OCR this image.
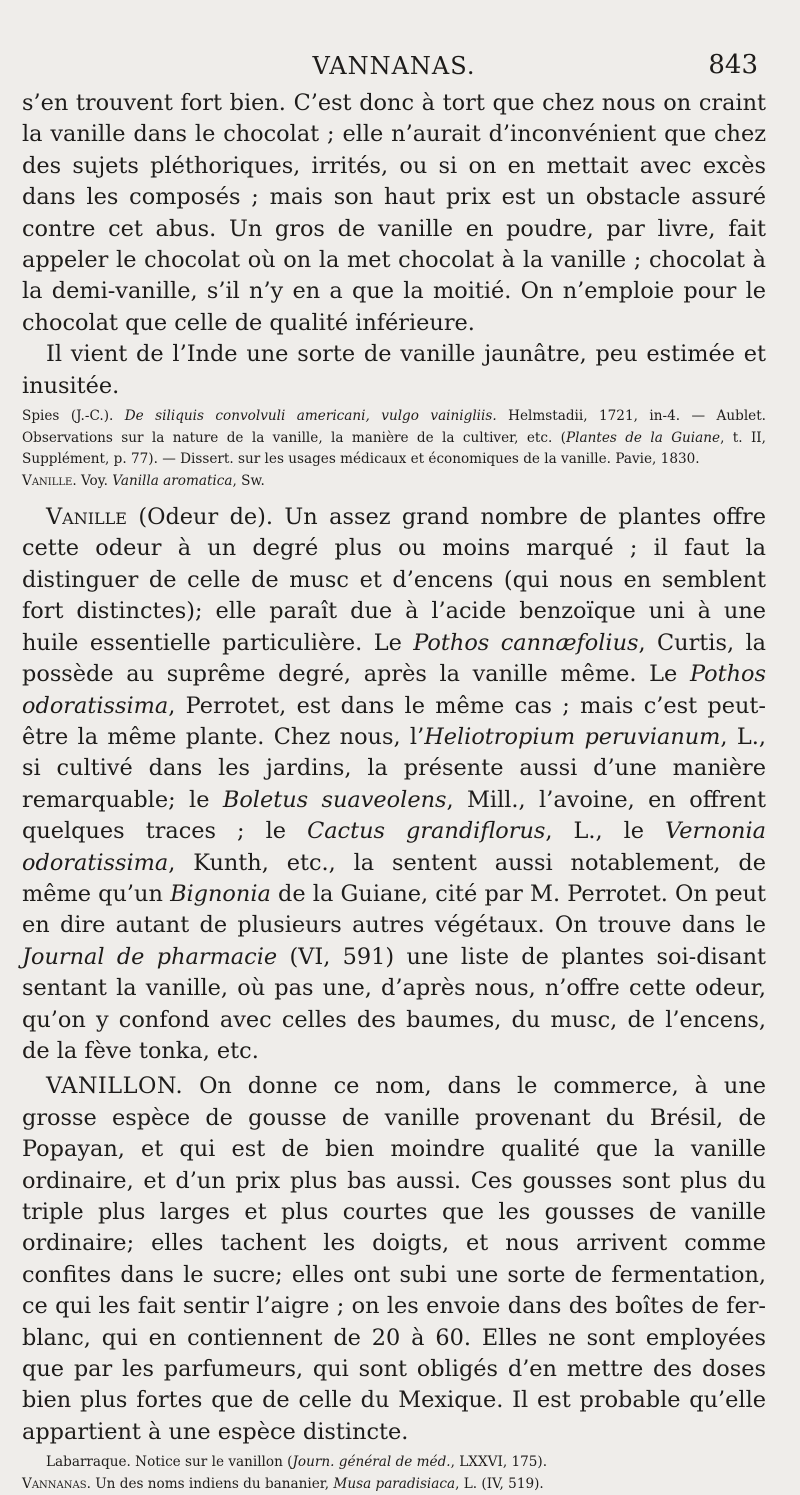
VANNANAS.	843

s’en trouvent fort bien. C’est donc à tort que chez nous on craint la vanille dans le chocolat ; elle n’aurait d’inconvénient que chez des sujets pléthoriques, irrités, ou si on en mettait avec excès dans les composés ; mais son haut prix est un obstacle assuré contre cet abus. Un gros de vanille en poudre, par livre, fait appeler le chocolat où on la met chocolat à la vanille ; chocolat à la demi-vanille, s’il n’y en a que la moitié. On n’emploie pour le chocolat que celle de qualité inférieure.

Il vient de l’Inde une sorte de vanille jaunâtre, peu estimée et inusitée.

Spies (J.-C.). De siliquis convolvuli americani, vulgo vainigliis. Helmstadii, 1721, in-4. — Aublet. Observations sur la nature de la vanille, la manière de la cultiver, etc. (Plantes de la Guiane, t. II, Supplément, p. 77). — Dissert. sur les usages médicaux et économiques de la vanille. Pavie, 1830.

Vanille. Voy. Vanilla aromatica, Sw.

Vanille (Odeur de). Un assez grand nombre de plantes offre cette odeur à un degré plus ou moins marqué ; il faut la distinguer de celle de musc et d’encens (qui nous en semblent fort distinctes); elle paraît due à l’acide benzoïque uni à une huile essentielle particulière. Le Pothos cannæfolius, Curtis, la possède au suprême degré, après la vanille même. Le Pothos odoratissima, Perrotet, est dans le même cas ; mais c’est peut-être la même plante. Chez nous, l’Heliotropium peruvianum, L., si cultivé dans les jardins, la présente aussi d’une manière remarquable; le Boletus suaveolens, Mill., l’avoine, en offrent quelques traces ; le Cactus grandiflorus, L., le Vernonia odoratissima, Kunth, etc., la sentent aussi notablement, de même qu’un Bignonia de la Guiane, cité par M. Perrotet. On peut en dire autant de plusieurs autres végétaux. On trouve dans le Journal de pharmacie (VI, 591) une liste de plantes soi-disant sentant la vanille, où pas une, d’après nous, n’offre cette odeur, qu’on y confond avec celles des baumes, du musc, de l’encens, de la fève tonka, etc.

VANILLON. On donne ce nom, dans le commerce, à une grosse espèce de gousse de vanille provenant du Brésil, de Popayan, et qui est de bien moindre qualité que la vanille ordinaire, et d’un prix plus bas aussi. Ces gousses sont plus du triple plus larges et plus courtes que les gousses de vanille ordinaire; elles tachent les doigts, et nous arrivent comme confites dans le sucre; elles ont subi une sorte de fermentation, ce qui les fait sentir l’aigre ; on les envoie dans des boîtes de fer-blanc, qui en contiennent de 20 à 60. Elles ne sont employées que par les parfumeurs, qui sont obligés d’en mettre des doses bien plus fortes que de celle du Mexique. Il est probable qu’elle appartient à une espèce distincte.

Labarraque. Notice sur le vanillon (Journ. général de méd., LXXVI, 175).

Vannanas. Un des noms indiens du bananier, Musa paradisiaca, L. (IV, 519).
